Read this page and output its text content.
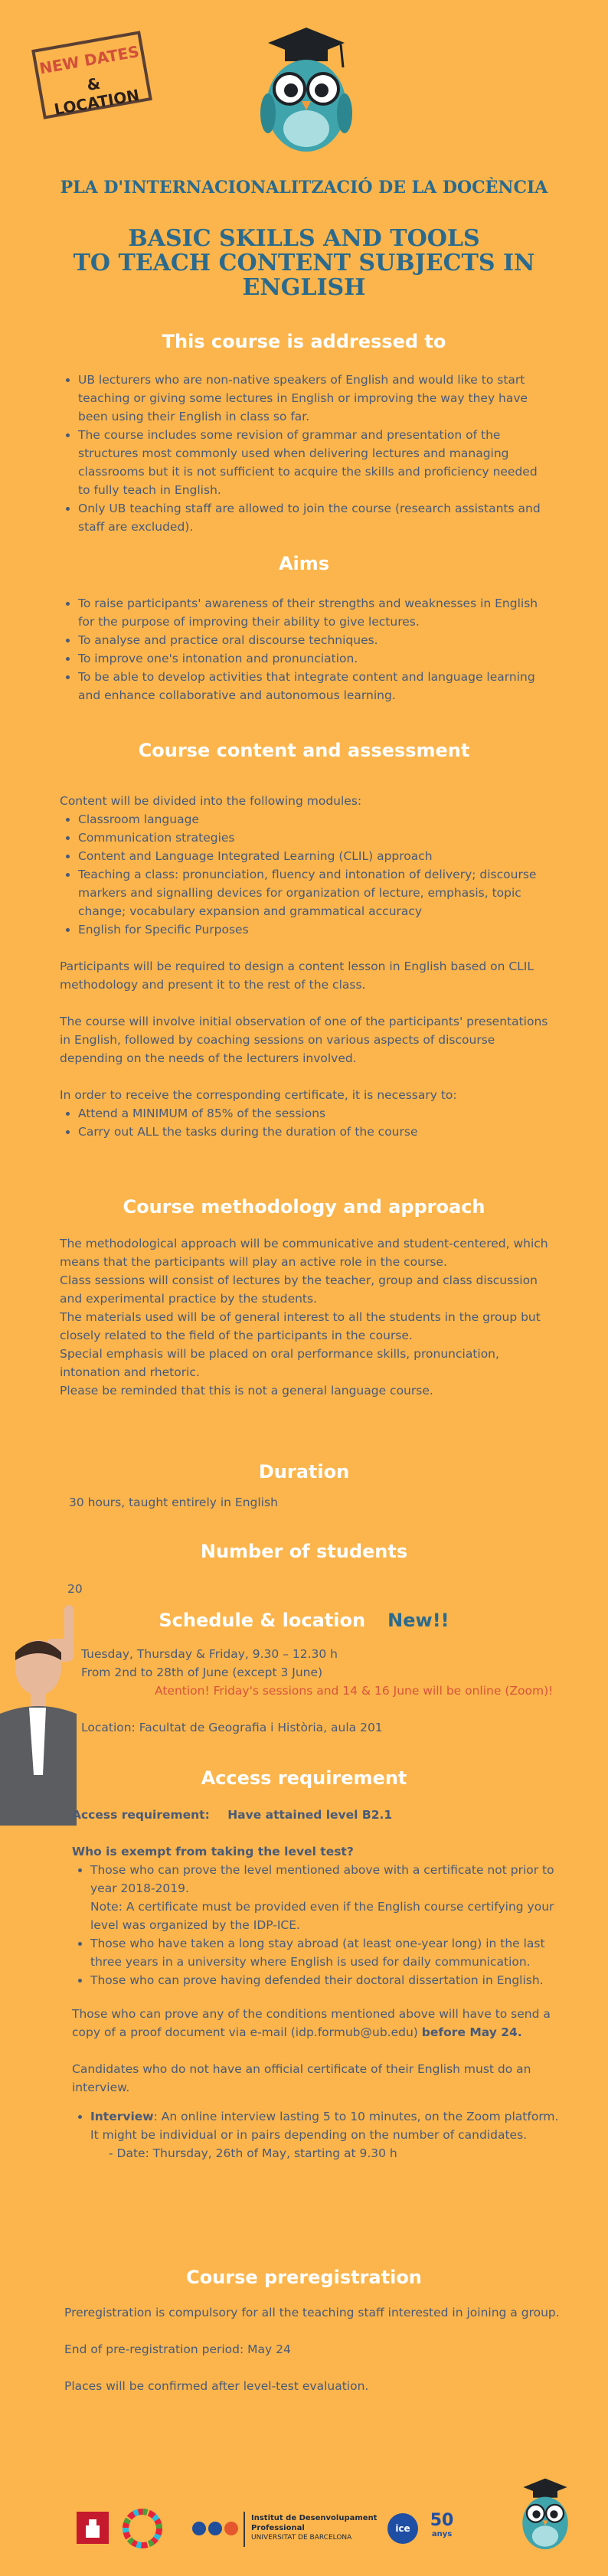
NEW DATES
& LOCATION
PLA D'INTERNACIONALITZACIÓ DE LA DOCÈNCIA
BASIC SKILLS AND TOOLS
TO TEACH CONTENT SUBJECTS IN
ENGLISH
This course is addressed to
• UB lecturers who are non-native speakers of English and would like to start teaching or giving some lectures in English or improving the way they have been using their English in class so far.
• The course includes some revision of grammar and presentation of the structures most commonly used when delivering lectures and managing classrooms but it is not sufficient to acquire the skills and proficiency needed to fully teach in English.
• Only UB teaching staff are allowed to join the course (research assistants and staff are excluded).
Aims
• To raise participants' awareness of their strengths and weaknesses in English for the purpose of improving their ability to give lectures.
• To analyse and practice oral discourse techniques.
• To improve one's intonation and pronunciation.
• To be able to develop activities that integrate content and language learning and enhance collaborative and autonomous learning.
Course content and assessment
Content will be divided into the following modules:
• Classroom language
• Communication strategies
• Content and Language Integrated Learning (CLIL) approach
• Teaching a class: pronunciation, fluency and intonation of delivery; discourse markers and signalling devices for organization of lecture, emphasis, topic change; vocabulary expansion and grammatical accuracy
• English for Specific Purposes
Participants will be required to design a content lesson in English based on CLIL methodology and present it to the rest of the class.
The course will involve initial observation of one of the participants' presentations in English, followed by coaching sessions on various aspects of discourse depending on the needs of the lecturers involved.
In order to receive the corresponding certificate, it is necessary to:
• Attend a MINIMUM of 85% of the sessions
• Carry out ALL the tasks during the duration of the course
Course methodology and approach
The methodological approach will be communicative and student-centered, which means that the participants will play an active role in the course.
Class sessions will consist of lectures by the teacher, group and class discussion and experimental practice by the students.
The materials used will be of general interest to all the students in the group but closely related to the field of the participants in the course.
Special emphasis will be placed on oral performance skills, pronunciation, intonation and rhetoric.
Please be reminded that this is not a general language course.
Duration
30 hours, taught entirely in English
Number of students
20
Schedule & location New!!
Tuesday, Thursday & Friday, 9.30 – 12.30 h
From 2nd to 28th of June (except 3 June)
Atention! Friday's sessions and 14 & 16 June will be online (Zoom)!
Location: Facultat de Geografia i Història, aula 201
Access requirement
Access requirement: Have attained level B2.1
Who is exempt from taking the level test?
• Those who can prove the level mentioned above with a certificate not prior to year 2018-2019.
Note: A certificate must be provided even if the English course certifying your level was organized by the IDP-ICE.
• Those who have taken a long stay abroad (at least one-year long) in the last three years in a university where English is used for daily communication.
• Those who can prove having defended their doctoral dissertation in English.
Those who can prove any of the conditions mentioned above will have to send a copy of a proof document via e-mail (idp.formub@ub.edu) before May 24.
Candidates who do not have an official certificate of their English must do an interview.
• Interview: An online interview lasting 5 to 10 minutes, on the Zoom platform. It might be individual or in pairs depending on the number of candidates.
- Date: Thursday, 26th of May, starting at 9.30 h
Course preregistration
Preregistration is compulsory for all the teaching staff interested in joining a group.
End of pre-registration period: May 24
Places will be confirmed after level-test evaluation.
Institut de Desenvolupament
Professional
UNIVERSITAT DE BARCELONA
ice	50
anys
